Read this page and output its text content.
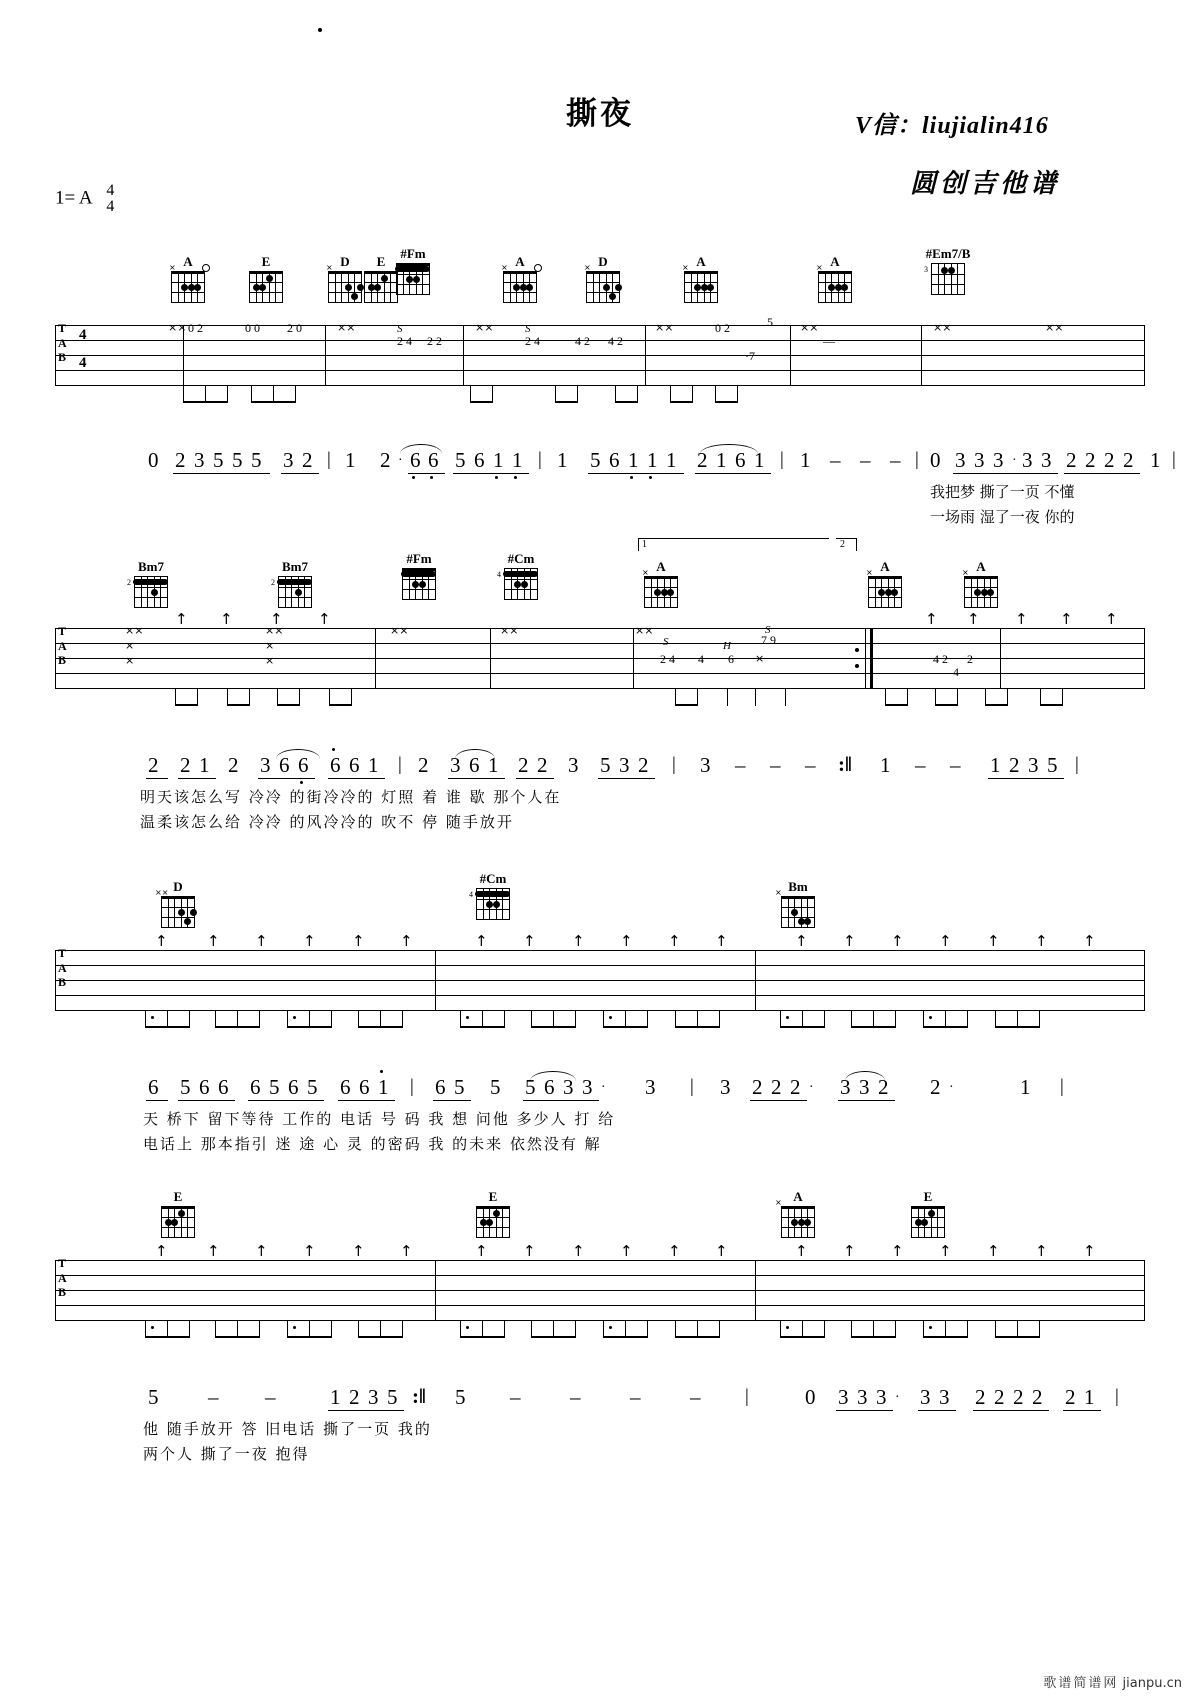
撕夜	V信：liujialin416
圆创吉他谱
1= A 4
4
A
×	E	D
×	E
#Fm
A
×	D
×	A
×	A
×
#Em7/B
3
T
A
B
4
4
×× 0 2	0 0 2 0	××
2 4 2 2
S	××	S
2 4	4 2 4 2
××	0 2	5
·7
××
—
××	××
0 2 3 5 5 5 3 2 | 1 2 · 6 6 5 6 1 1 | 1 5 6 1 1 1 2 1 6 1 | 1 – – – | 0 3 3 3 · 3 3 2 2 2 2 1 |
我把梦 撕了一页 不懂
一场雨 湿了一夜 你的
Bm7
2
Bm7
2
#Fm	#Cm
4
A
×	A
×	A
×
1	2
T
A
B
××
×
×
××
×
×
××	××	××
S
2 4 4
H
6
S
7 9
×	4 2 2
4
↑ ↑ ↑ ↑	↑ ↑ ↑ ↑ ↑
2 2 1 2 3 6 6 6 6 1 | 2 3 6 1 2 2 3 5 3 2 | 3 – – – :‖ 1 – – 1 2 3 5 |
明天该怎么写 冷冷 的街冷冷的 灯照 着 谁 歇 那个人在
温柔该怎么给 冷冷 的风冷冷的 吹不 停 随手放开
D
××
#Cm
4
Bm
×
T
A
B
↑	↑ ↑ ↑ ↑ ↑	↑ ↑ ↑ ↑ ↑ ↑	↑ ↑ ↑ ↑ ↑ ↑ ↑
6 5 6 6 6 5 6 5 6 6 1 | 6 5 5 5 6 3 3 · 3 | 3 2 2 2 · 3 3 2 2 ·	1 |
天 桥下 留下等待 工作的 电话 号 码 我 想 问他 多少人 打 给
电话上 那本指引 迷 途 心 灵 的密码 我 的未来 依然没有 解
E	E	A
×	E
T
A
B
↑	↑ ↑ ↑ ↑ ↑	↑ ↑ ↑ ↑ ↑ ↑	↑ ↑ ↑ ↑ ↑ ↑ ↑
5 – –	1 2 3 5 :‖ 5 – – – – |	0 3 3 3 · 3 3 2 2 2 2 2 1 |
他 随手放开 答 旧电话 撕了一页 我的
两个人 撕了一夜 抱得
歌谱简谱网 jianpu.cn
